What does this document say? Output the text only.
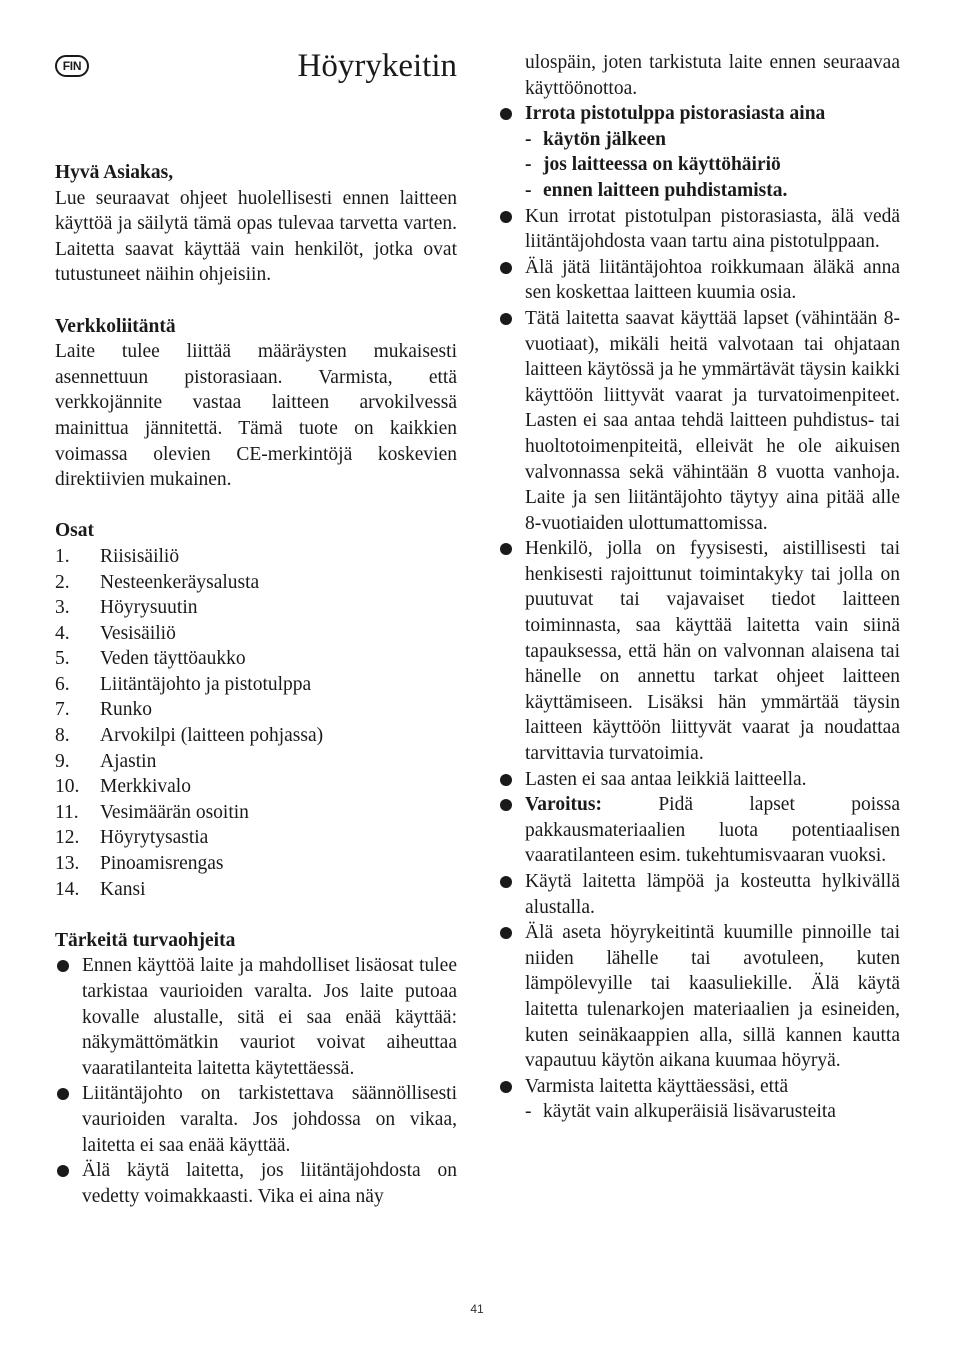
FIN	Höyrykeitin
Hyvä Asiakas,

Lue seuraavat ohjeet huolellisesti ennen laitteen käyttöä ja säilytä tämä opas tulevaa tarvetta varten. Laitetta saavat käyttää vain henkilöt, jotka ovat tutustuneet näihin ohjeisiin.

Verkkoliitäntä

Laite tulee liittää määräysten mukaisesti asennettuun pistorasiaan. Varmista, että verkkojännite vastaa laitteen arvokilvessä mainittua jännitettä. Tämä tuote on kaikkien voimassa olevien CE-merkintöjä koskevien direktiivien mukainen.

Osat
1.	Riisisäiliö
2.	Nesteenkeräysalusta
3.	Höyrysuutin
4.	Vesisäiliö
5.	Veden täyttöaukko
6.	Liitäntäjohto ja pistotulppa
7.	Runko
8.	Arvokilpi (laitteen pohjassa)
9.	Ajastin
10.	Merkkivalo
11.	Vesimäärän osoitin
12.	Höyrytysastia
13.	Pinoamisrengas
14.	Kansi
Tärkeitä turvaohjeita
Ennen käyttöä laite ja mahdolliset lisäosat tulee tarkistaa vaurioiden varalta. Jos laite putoaa kovalle alustalle, sitä ei saa enää käyttää: näkymättömätkin vauriot voivat aiheuttaa vaaratilanteita laitetta käytettäessä.
Liitäntäjohto on tarkistettava säännöllisesti vaurioiden varalta. Jos johdossa on vikaa, laitetta ei saa enää käyttää.
Älä käytä laitetta, jos liitäntäjohdosta on vedetty voimakkaasti. Vika ei aina näy
ulospäin, joten tarkistuta laite ennen seuraavaa käyttöönottoa.
Irrota pistotulppa pistorasiasta aina
- käytön jälkeen
- jos laitteessa on käyttöhäiriö
- ennen laitteen puhdistamista.
Kun irrotat pistotulpan pistorasiasta, älä vedä liitäntäjohdosta vaan tartu aina pistotulppaan.
Älä jätä liitäntäjohtoa roikkumaan äläkä anna sen koskettaa laitteen kuumia osia.
Tätä laitetta saavat käyttää lapset (vähintään 8-vuotiaat), mikäli heitä valvotaan tai ohjataan laitteen käytössä ja he ymmärtävät täysin kaikki käyttöön liittyvät vaarat ja turvatoimenpiteet. Lasten ei saa antaa tehdä laitteen puhdistus- tai huoltotoimenpiteitä, elleivät he ole aikuisen valvonnassa sekä vähintään 8 vuotta vanhoja. Laite ja sen liitäntäjohto täytyy aina pitää alle 8-vuotiaiden ulottumattomissa.
Henkilö, jolla on fyysisesti, aistillisesti tai henkisesti rajoittunut toimintakyky tai jolla on puutuvat tai vajavaiset tiedot laitteen toiminnasta, saa käyttää laitetta vain siinä tapauksessa, että hän on valvonnan alaisena tai hänelle on annettu tarkat ohjeet laitteen käyttämiseen. Lisäksi hän ymmärtää täysin laitteen käyttöön liittyvät vaarat ja noudattaa tarvittavia turvatoimia.
Lasten ei saa antaa leikkiä laitteella.
Varoitus:	Pidä lapset poissa pakkausmateriaalien luota potentiaalisen vaaratilanteen esim. tukehtumisvaaran vuoksi.
Käytä laitetta lämpöä ja kosteutta hylkivällä alustalla.
Älä aseta höyrykeitintä kuumille pinnoille tai niiden lähelle tai avotuleen, kuten lämpölevyille tai kaasuliekille. Älä käytä laitetta tulenarkojen materiaalien ja esineiden, kuten seinäkaappien alla, sillä kannen kautta vapautuu käytön aikana kuumaa höyryä.
Varmista laitetta käyttäessäsi, että
- käytät vain alkuperäisiä lisävarusteita
41
